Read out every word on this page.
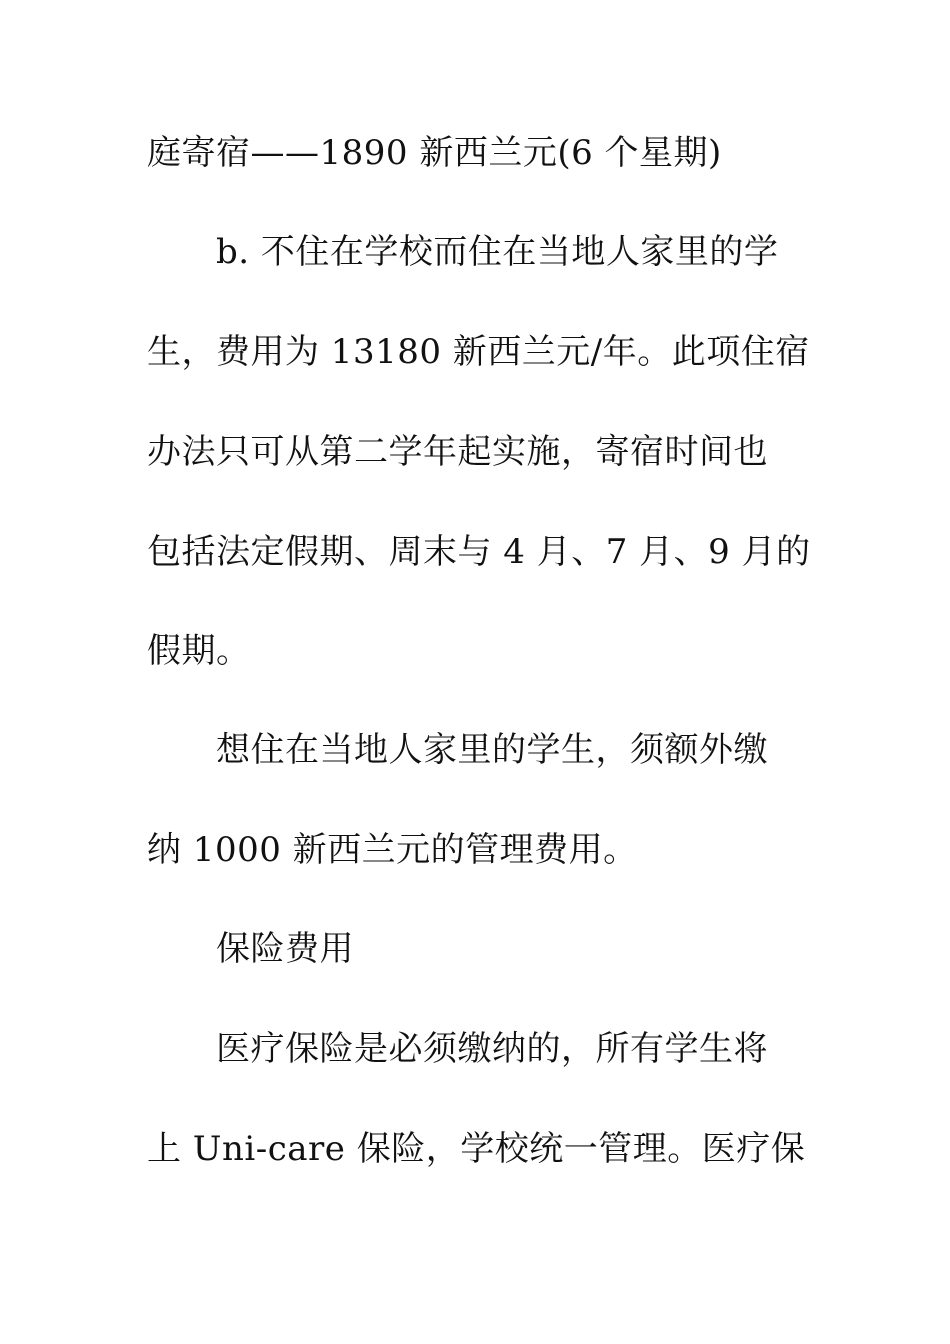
庭寄宿——1890 新西兰元(6 个星期)
b. 不住在学校而住在当地人家里的学
生，费用为 13180 新西兰元/年。此项住宿
办法只可从第二学年起实施，寄宿时间也
包括法定假期、周末与 4 月、7 月、9 月的
假期。
想住在当地人家里的学生，须额外缴
纳 1000 新西兰元的管理费用。
保险费用
医疗保险是必须缴纳的，所有学生将
上 Uni-care 保险，学校统一管理。医疗保
